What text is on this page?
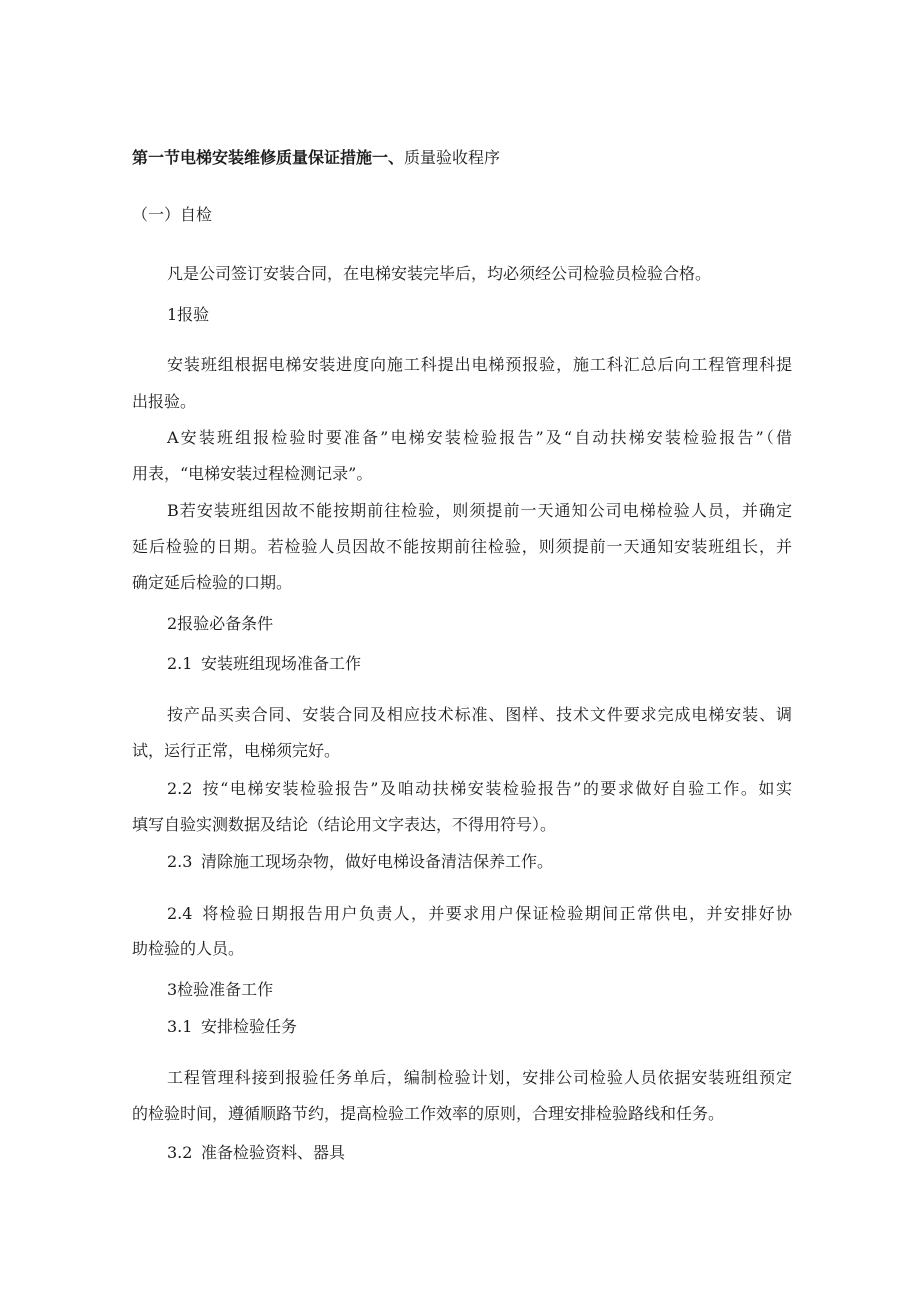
第一节电梯安装维修质量保证措施一、质量验收程序
（一）自检
凡是公司签订安装合同，在电梯安装完毕后，均必须经公司检验员检验合格。
1报验
安装班组根据电梯安装进度向施工科提出电梯预报验，施工科汇总后向工程管理科提
出报验。
A安装班组报检验时要准备”电梯安装检验报告”及“自动扶梯安装检验报告”（借
用表，“电梯安装过程检测记录”。
B若安装班组因故不能按期前往检验，则须提前一天通知公司电梯检验人员，并确定
延后检验的日期。若检验人员因故不能按期前往检验，则须提前一天通知安装班组长，并
确定延后检验的口期。
2报验必备条件
2.1 安装班组现场准备工作
按产品买卖合同、安装合同及相应技术标准、图样、技术文件要求完成电梯安装、调
试，运行正常，电梯须完好。
2.2 按“电梯安装检验报告”及咱动扶梯安装检验报告”的要求做好自验工作。如实
填写自验实测数据及结论（结论用文字表达，不得用符号）。
2.3 清除施工现场杂物，做好电梯设备清洁保养工作。
2.4 将检验日期报告用户负责人，并要求用户保证检验期间正常供电，并安排好协
助检验的人员。
3检验准备工作
3.1 安排检验任务
工程管理科接到报验任务单后，编制检验计划，安排公司检验人员依据安装班组预定
的检验时间，遵循顺路节约，提高检验工作效率的原则，合理安排检验路线和任务。
3.2 准备检验资料、器具
